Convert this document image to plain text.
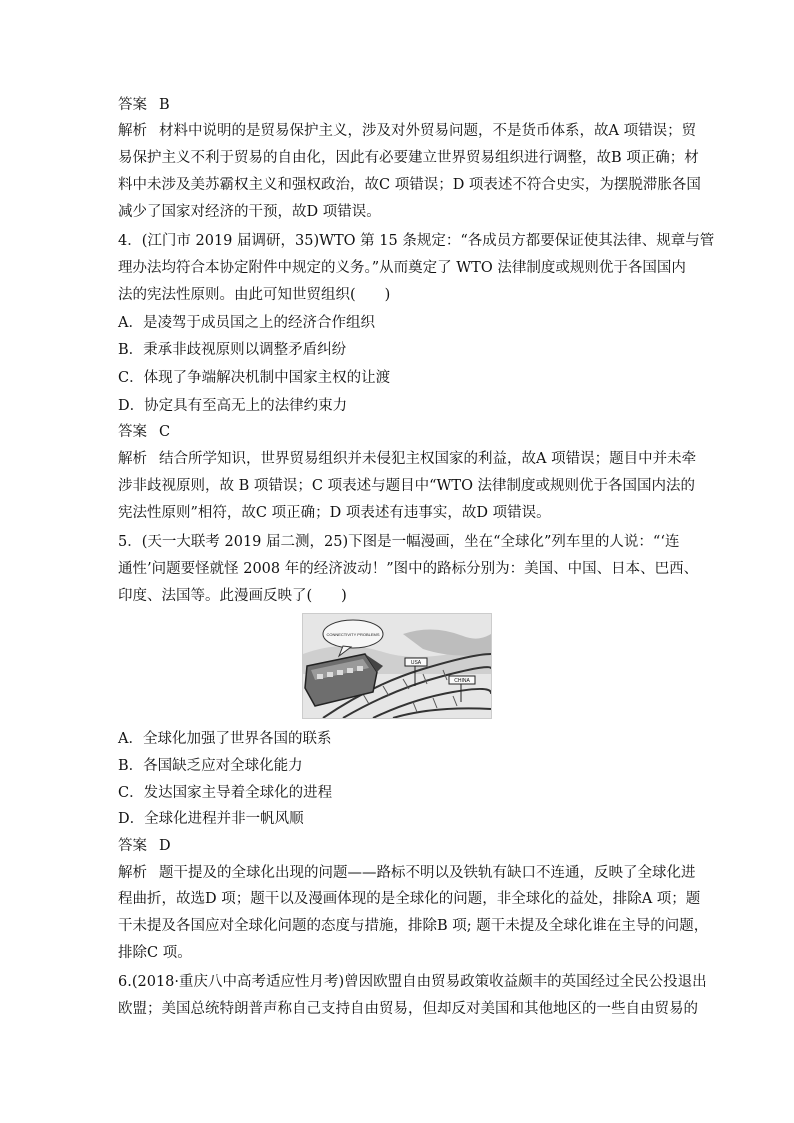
答案 B
解析 材料中说明的是贸易保护主义，涉及对外贸易问题，不是货币体系，故A 项错误；贸
易保护主义不利于贸易的自由化，因此有必要建立世界贸易组织进行调整，故B 项正确；材
料中未涉及美苏霸权主义和强权政治，故C 项错误；D 项表述不符合史实，为摆脱滞胀各国
减少了国家对经济的干预，故D 项错误。
4．(江门市 2019 届调研，35)WTO 第 15 条规定：“各成员方都要保证使其法律、规章与管
理办法均符合本协定附件中规定的义务。”从而奠定了 WTO 法律制度或规则优于各国国内
法的宪法性原则。由此可知世贸组织(　　)
A．是凌驾于成员国之上的经济合作组织
B．秉承非歧视原则以调整矛盾纠纷
C．体现了争端解决机制中国家主权的让渡
D．协定具有至高无上的法律约束力
答案 C
解析 结合所学知识，世界贸易组织并未侵犯主权国家的利益，故A 项错误；题目中并未牵
涉非歧视原则，故 B 项错误；C 项表述与题目中“WTO 法律制度或规则优于各国国内法的
宪法性原则”相符，故C 项正确；D 项表述有违事实，故D 项错误。
5．(天一大联考 2019 届二测，25)下图是一幅漫画，坐在“全球化”列车里的人说：“‘连
通性’问题要怪就怪 2008 年的经济波动！”图中的路标分别为：美国、中国、日本、巴西、
印度、法国等。此漫画反映了(　　)
CONNECTIVITY PROBLEMS
USA
CHINA
A．全球化加强了世界各国的联系
B．各国缺乏应对全球化能力
C．发达国家主导着全球化的进程
D．全球化进程并非一帆风顺
答案 D
解析 题干提及的全球化出现的问题——路标不明以及铁轨有缺口不连通，反映了全球化进
程曲折，故选D 项；题干以及漫画体现的是全球化的问题，非全球化的益处，排除A 项；题
干未提及各国应对全球化问题的态度与措施，排除B 项; 题干未提及全球化谁在主导的问题，
排除C 项。
6.(2018·重庆八中高考适应性月考)曾因欧盟自由贸易政策收益颇丰的英国经过全民公投退出
欧盟；美国总统特朗普声称自己支持自由贸易，但却反对美国和其他地区的一些自由贸易的
